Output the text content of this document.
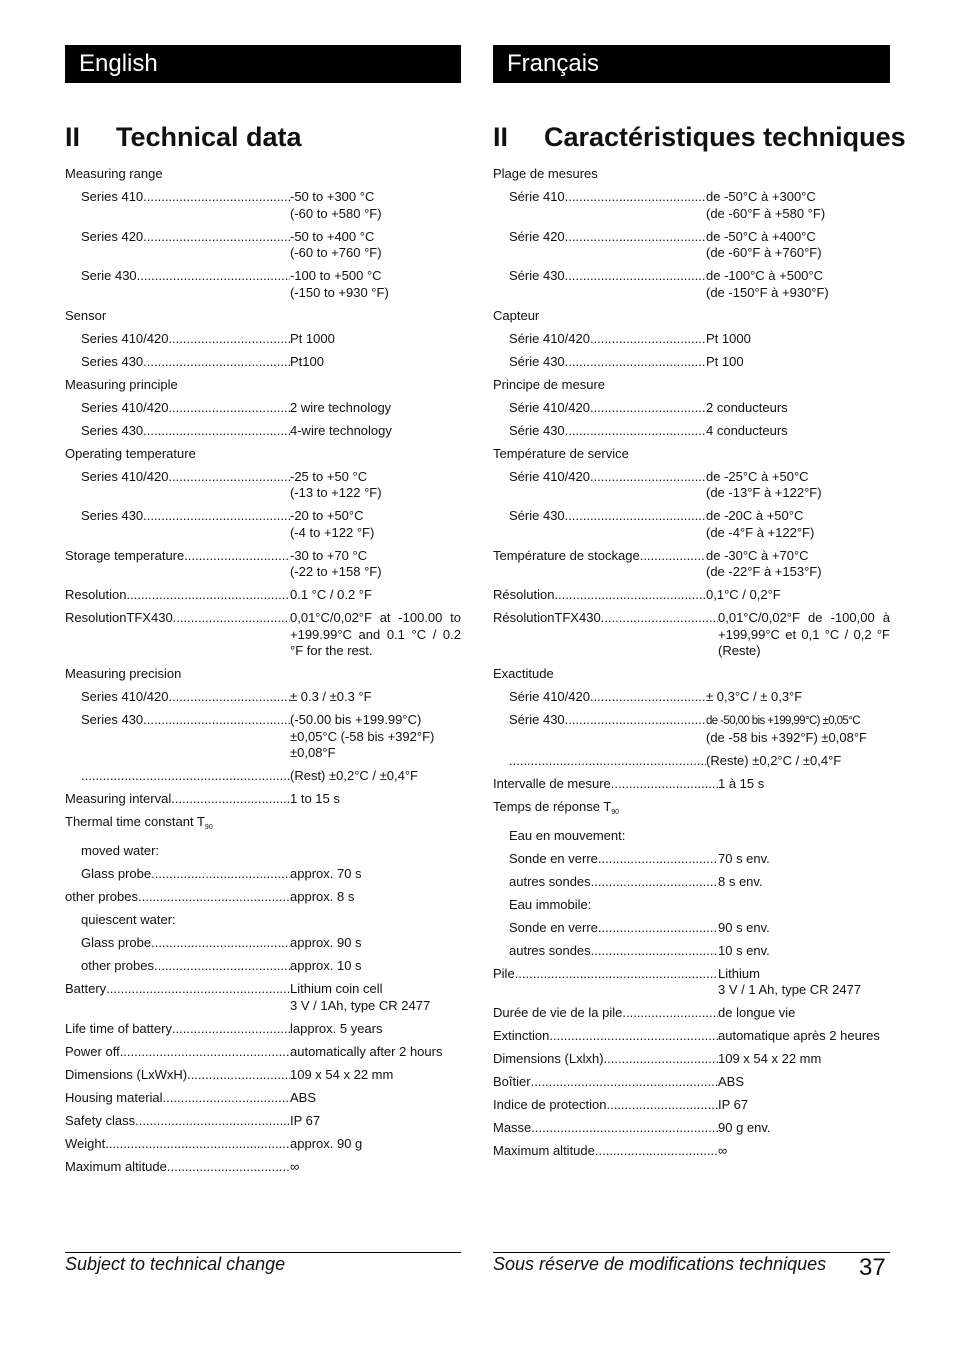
English
II Technical data
Measuring range
Series 410 .....	-50 to +300 °C
(-60 to +580 °F)
Series 420 .....	-50 to +400 °C
(-60 to +760 °F)
Serie 430 .....	-100 to +500 °C
(-150 to +930 °F)
Sensor
Series 410/420 .....	Pt 1000
Series 430 .....	Pt100
Measuring principle
Series 410/420 .....	2 wire technology
Series 430 .....	4-wire technology
Operating temperature
Series 410/420 .....	-25 to +50 °C
(-13 to +122 °F)
Series 430 .....	-20 to +50°C
(-4 to +122 °F)
Storage temperature .....	-30 to +70 °C
(-22 to +158 °F)
Resolution .....	0.1 °C / 0.2 °F
ResolutionTFX430 .....	0,01°C/0,02°F at -100.00 to +199.99°C and 0.1 °C / 0.2 °F for the rest.
Measuring precision
Series 410/420 .....	± 0.3 / ±0.3 °F
Series 430 .....	(-50.00 bis +199.99°C)
±0,05°C (-58 bis +392°F)
±0,08°F
.....
(Rest) ±0,2°C / ±0,4°F
Measuring interval .....	1 to 15 s
Thermal time constant $T_{90}$
moved water:
Glass probe .....	approx. 70 s
other probes .....	approx. 8 s
quiescent water:
Glass probe .....	approx. 90 s
other probes .....	approx. 10 s
Battery .....	Lithium coin cell
3 V / 1Ah, type CR 2477
Life time of battery .....	lapprox. 5 years
Power off .....	automatically after 2 hours
Dimensions (LxWxH) .....	109 x 54 x 22 mm
Housing material .....	ABS
Safety class .....	IP 67
Weight .....	approx. 90 g
Maximum altitude .....	∞
Français
II Caractéristiques techniques
Plage de mesures
Série 410 .....	de -50°C à +300°C
(de -60°F à +580 °F)
Série 420 .....	de -50°C à +400°C
(de -60°F à +760°F)
Série 430 .....	de -100°C à +500°C
(de -150°F à +930°F)
Capteur
Série 410/420 .....	Pt 1000
Série 430 .....	Pt 100
Principe de mesure
Série 410/420 .....	2 conducteurs
Série 430 .....	4 conducteurs
Température de service
Série 410/420 .....	de -25°C à +50°C
(de -13°F à +122°F)
Série 430 .....	de -20C à +50°C
(de -4°F à +122°F)
Température de stockage .....	de -30°C à +70°C
(de -22°F à +153°F)
Résolution .....	0,1°C / 0,2°F
RésolutionTFX430 .....	0,01°C/0,02°F de -100,00 à +199,99°C et 0,1 °C / 0,2 °F (Reste)
Exactitude
Série 410/420 .....	± 0,3°C / ± 0,3°F
Série 430 .....	de -50,00 bis +199,99°C) ±0,05°C
(de -58 bis +392°F) ±0,08°F
.....
(Reste) ±0,2°C / ±0,4°F
Intervalle de mesure .....	1 à 15 s
Temps de réponse $T_{90}$
Eau en mouvement:
Sonde en verre .....	70 s env.
autres sondes .....	8 s env.
Eau immobile:
Sonde en verre .....	90 s env.
autres sondes .....	10 s env.
Pile .....	Lithium
3 V / 1 Ah, type CR 2477
Durée de vie de la pile .....	de longue vie
Extinction .....	automatique après 2 heures
Dimensions (Lxlxh) .....	109 x 54 x 22 mm
Boîtier .....	ABS
Indice de protection .....	IP 67
Masse .....	90 g env.
Maximum altitude .....	∞
Subject to technical change	Sous réserve de modifications techniques 37
